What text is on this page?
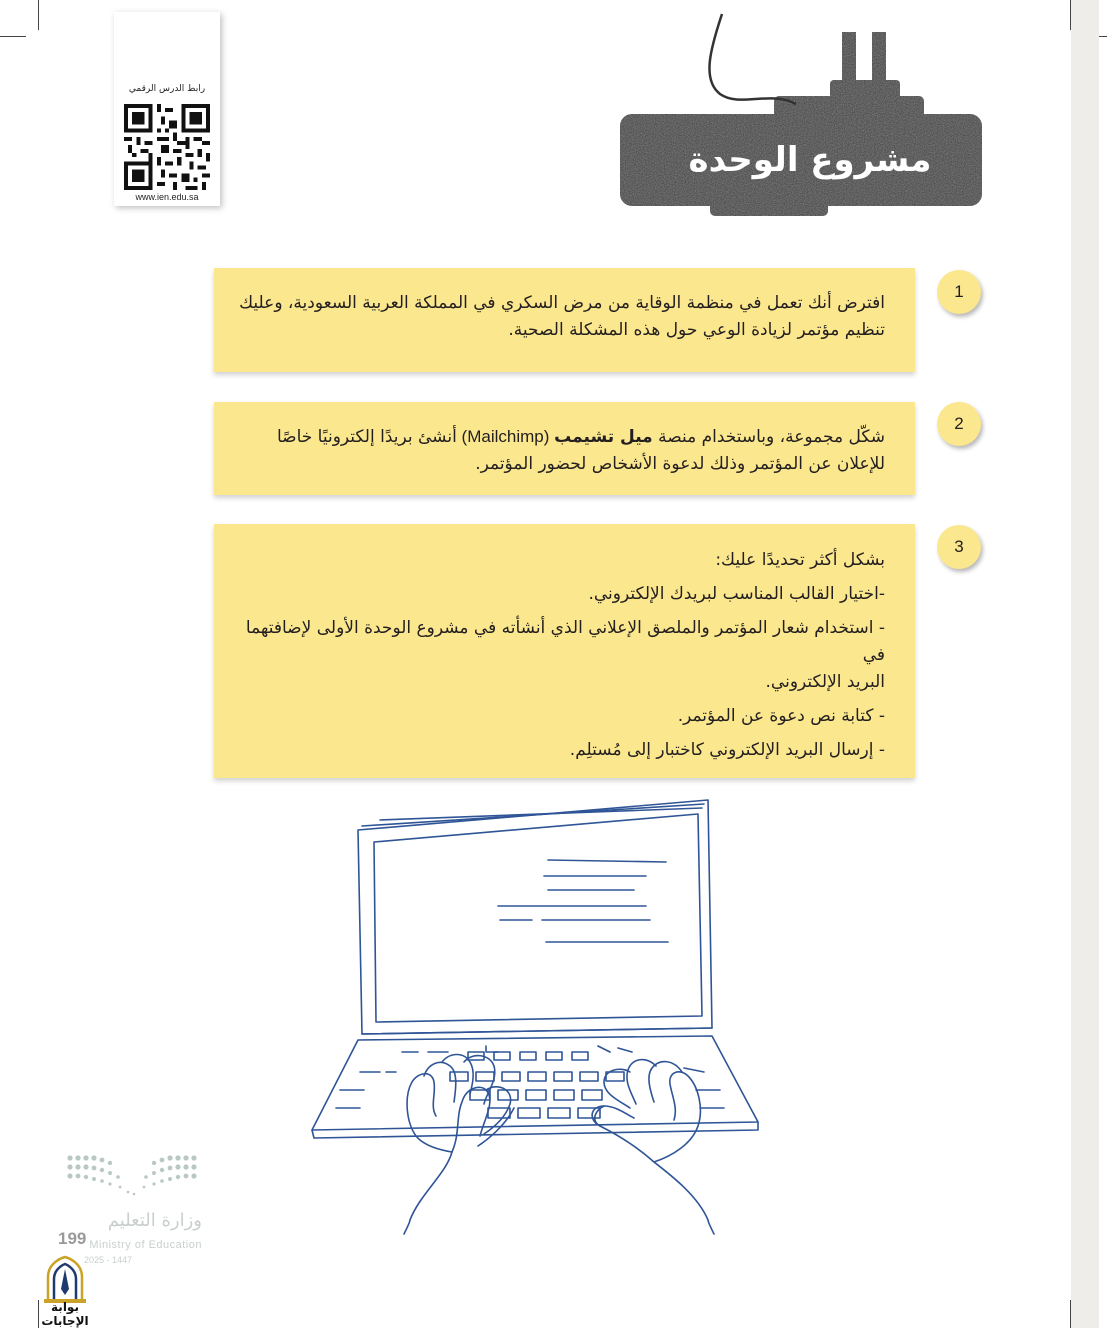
رابط الدرس الرقمي
www.ien.edu.sa
مشروع الوحدة
1

افترض أنك تعمل في منظمة الوقاية من مرض السكري في المملكة العربية السعودية، وعليك

تنظيم مؤتمر لزيادة الوعي حول هذه المشكلة الصحية.

2

شكّل مجموعة، وباستخدام منصة ميل تشيمب (Mailchimp) أنشئ بريدًا إلكترونيًا خاصًا

للإعلان عن المؤتمر وذلك لدعوة الأشخاص لحضور المؤتمر.

3

بشكل أكثر تحديدًا عليك:

-اختيار القالب المناسب لبريدك الإلكتروني.

- استخدام شعار المؤتمر والملصق الإعلاني الذي أنشأته في مشروع الوحدة الأولى لإضافتهما في

البريد الإلكتروني.

- كتابة نص دعوة عن المؤتمر.

- إرسال البريد الإلكتروني كاختبار إلى مُستلِم.

وزارة التعليم
Ministry of Education
2025 - 1447
199
بوابة الإجابات
